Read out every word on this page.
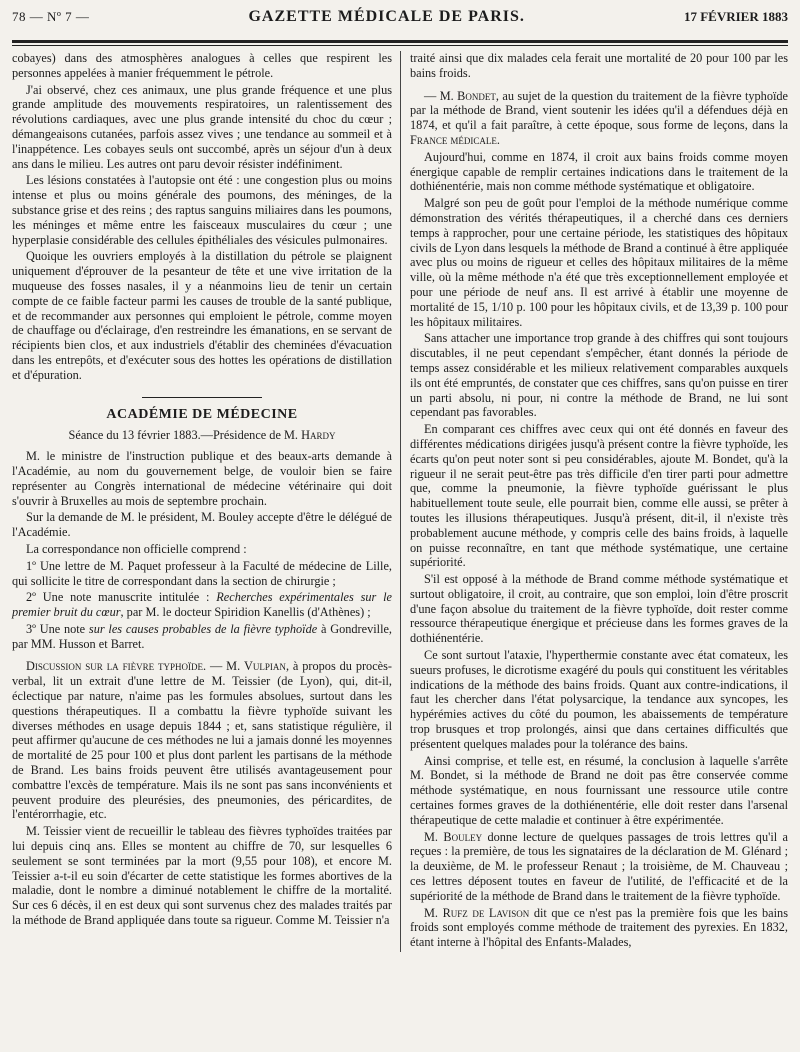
78 — Nº 7 —	GAZETTE MÉDICALE DE PARIS.	17 FÉVRIER 1883

cobayes) dans des atmosphères analogues à celles que respirent les personnes appelées à manier fréquemment le pétrole.

J'ai observé, chez ces animaux, une plus grande fréquence et une plus grande amplitude des mouvements respiratoires, un ralentissement des révolutions cardiaques, avec une plus grande intensité du choc du cœur ; démangeaisons cutanées, parfois assez vives ; une tendance au sommeil et à l'inappétence. Les cobayes seuls ont succombé, après un séjour d'un à deux ans dans le milieu. Les autres ont paru devoir résister indéfiniment.

Les lésions constatées à l'autopsie ont été : une congestion plus ou moins intense et plus ou moins générale des poumons, des méninges, de la substance grise et des reins ; des raptus sanguins miliaires dans les poumons, les méninges et même entre les faisceaux musculaires du cœur ; une hyperplasie considérable des cellules épithéliales des vésicules pulmonaires.

Quoique les ouvriers employés à la distillation du pétrole se plaignent uniquement d'éprouver de la pesanteur de tête et une vive irritation de la muqueuse des fosses nasales, il y a néanmoins lieu de tenir un certain compte de ce faible facteur parmi les causes de trouble de la santé publique, et de recommander aux personnes qui emploient le pétrole, comme moyen de chauffage ou d'éclairage, d'en restreindre les émanations, en se servant de récipients bien clos, et aux industriels d'établir des cheminées d'évacuation dans les entrepôts, et d'exécuter sous des hottes les opérations de distillation et d'épuration.

ACADÉMIE DE MÉDECINE

Séance du 13 février 1883.—Présidence de M. Hardy

M. le ministre de l'instruction publique et des beaux-arts demande à l'Académie, au nom du gouvernement belge, de vouloir bien se faire représenter au Congrès international de médecine vétérinaire qui doit s'ouvrir à Bruxelles au mois de septembre prochain.

Sur la demande de M. le président, M. Bouley accepte d'être le délégué de l'Académie.

La correspondance non officielle comprend :

1º Une lettre de M. Paquet professeur à la Faculté de médecine de Lille, qui sollicite le titre de correspondant dans la section de chirurgie ;

2º Une note manuscrite intitulée : Recherches expérimentales sur le premier bruit du cœur, par M. le docteur Spiridion Kanellis (d'Athènes) ;

3º Une note sur les causes probables de la fièvre typhoïde à Gondreville, par MM. Husson et Barret.

Discussion sur la fièvre typhoïde. — M. Vulpian, à propos du procès-verbal, lit un extrait d'une lettre de M. Teissier (de Lyon), qui, dit-il, éclectique par nature, n'aime pas les formules absolues, surtout dans les questions thérapeutiques. Il a combattu la fièvre typhoïde suivant les diverses méthodes en usage depuis 1844 ; et, sans statistique régulière, il peut affirmer qu'aucune de ces méthodes ne lui a jamais donné les moyennes de mortalité de 25 pour 100 et plus dont parlent les partisans de la méthode de Brand. Les bains froids peuvent être utilisés avantageusement pour combattre l'excès de température. Mais ils ne sont pas sans inconvénients et peuvent produire des pleurésies, des pneumonies, des péricardites, de l'entérorrhagie, etc.

M. Teissier vient de recueillir le tableau des fièvres typhoïdes traitées par lui depuis cinq ans. Elles se montent au chiffre de 70, sur lesquelles 6 seulement se sont terminées par la mort (9,55 pour 108), et encore M. Teissier a-t-il eu soin d'écarter de cette statistique les formes abortives de la maladie, dont le nombre a diminué notablement le chiffre de la mortalité. Sur ces 6 décès, il en est deux qui sont survenus chez des malades traités par la méthode de Brand appliquée dans toute sa rigueur. Comme M. Teissier n'a

traité ainsi que dix malades cela ferait une mortalité de 20 pour 100 par les bains froids.

— M. Bondet, au sujet de la question du traitement de la fièvre typhoïde par la méthode de Brand, vient soutenir les idées qu'il a défendues déjà en 1874, et qu'il a fait paraître, à cette époque, sous forme de leçons, dans la France médicale.

Aujourd'hui, comme en 1874, il croit aux bains froids comme moyen énergique capable de remplir certaines indications dans le traitement de la dothiénentérie, mais non comme méthode systématique et obligatoire.

Malgré son peu de goût pour l'emploi de la méthode numérique comme démonstration des vérités thérapeutiques, il a cherché dans ces derniers temps à rapprocher, pour une certaine période, les statistiques des hôpitaux civils de Lyon dans lesquels la méthode de Brand a continué à être appliquée avec plus ou moins de rigueur et celles des hôpitaux militaires de la même ville, où la même méthode n'a été que très exceptionnellement employée et pour une période de neuf ans. Il est arrivé à établir une moyenne de mortalité de 15, 1/10 p. 100 pour les hôpitaux civils, et de 13,39 p. 100 pour les hôpitaux militaires.

Sans attacher une importance trop grande à des chiffres qui sont toujours discutables, il ne peut cependant s'empêcher, étant donnés la période de temps assez considérable et les milieux relativement comparables auxquels ils ont été empruntés, de constater que ces chiffres, sans qu'on puisse en tirer un parti absolu, ni pour, ni contre la méthode de Brand, ne lui sont cependant pas favorables.

En comparant ces chiffres avec ceux qui ont été donnés en faveur des différentes médications dirigées jusqu'à présent contre la fièvre typhoïde, les écarts qu'on peut noter sont si peu considérables, ajoute M. Bondet, qu'à la rigueur il ne serait peut-être pas très difficile d'en tirer parti pour admettre que, comme la pneumonie, la fièvre typhoïde guérissant le plus habituellement toute seule, elle pourrait bien, comme elle aussi, se prêter à toutes les illusions thérapeutiques. Jusqu'à présent, dit-il, il n'existe très probablement aucune méthode, y compris celle des bains froids, à laquelle on puisse reconnaître, en tant que méthode systématique, une certaine supériorité.

S'il est opposé à la méthode de Brand comme méthode systématique et surtout obligatoire, il croit, au contraire, que son emploi, loin d'être proscrit d'une façon absolue du traitement de la fièvre typhoïde, doit rester comme ressource thérapeutique énergique et précieuse dans les formes graves de la dothiénentérie.

Ce sont surtout l'ataxie, l'hyperthermie constante avec état comateux, les sueurs profuses, le dicrotisme exagéré du pouls qui constituent les véritables indications de la méthode des bains froids. Quant aux contre-indications, il faut les chercher dans l'état polysarcique, la tendance aux syncopes, les hypérémies actives du côté du poumon, les abaissements de température trop brusques et trop prolongés, ainsi que dans certaines difficultés que présentent quelques malades pour la tolérance des bains.

Ainsi comprise, et telle est, en résumé, la conclusion à laquelle s'arrête M. Bondet, si la méthode de Brand ne doit pas être conservée comme méthode systématique, en nous fournissant une ressource utile contre certaines formes graves de la dothiénentérie, elle doit rester dans l'arsenal thérapeutique de cette maladie et continuer à être expérimentée.

M. Bouley donne lecture de quelques passages de trois lettres qu'il a reçues : la première, de tous les signataires de la déclaration de M. Glénard ; la deuxième, de M. le professeur Renaut ; la troisième, de M. Chauveau ; ces lettres déposent toutes en faveur de l'utilité, de l'efficacité et de la supériorité de la méthode de Brand dans le traitement de la fièvre typhoïde.

M. Rufz de Lavison dit que ce n'est pas la première fois que les bains froids sont employés comme méthode de traitement des pyrexies. En 1832, étant interne à l'hôpital des Enfants-Malades,
